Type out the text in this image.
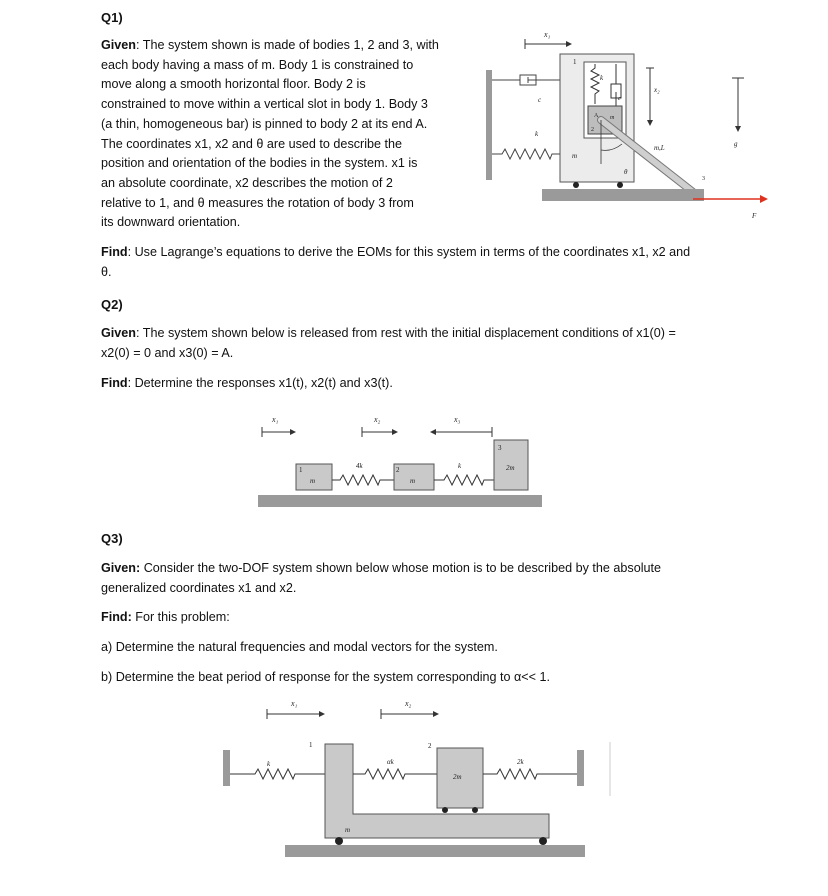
Q1)
Given: The system shown is made of bodies 1, 2 and 3, with
each body having a mass of m. Body 1 is constrained to
move along a smooth horizontal floor. Body 2 is
constrained to move within a vertical slot in body 1. Body 3
(a thin, homogeneous bar) is pinned to body 2 at its end A.
The coordinates x1, x2 and θ are used to describe the
position and orientation of the bodies in the system. x1 is
an absolute coordinate, x2 describes the motion of 2
relative to 1, and θ measures the rotation of body 3 from
its downward orientation.
Find: Use Lagrange’s equations to derive the EOMs for this system in terms of the coordinates x1, x2 and
θ.
x₁
c
k
1
m
k
c
2
A m
3
m,L
θ
x₂
g
F
Q2)
Given: The system shown below is released from rest with the initial displacement conditions of x1(0) =
x2(0) = 0 and x3(0) = A.
Find: Determine the responses x1(t), x2(t) and x3(t).
x₁	x₂	x₃
1
m
4k	2
m
k
3
2m
Q3)
Given: Consider the two-DOF system shown below whose motion is to be described by the absolute
generalized coordinates x1 and x2.
Find: For this problem:
a) Determine the natural frequencies and modal vectors for the system.
b) Determine the beat period of response for the system corresponding to α<< 1.
x₁	x₂
k
1
m
αk
2
2m
2k
